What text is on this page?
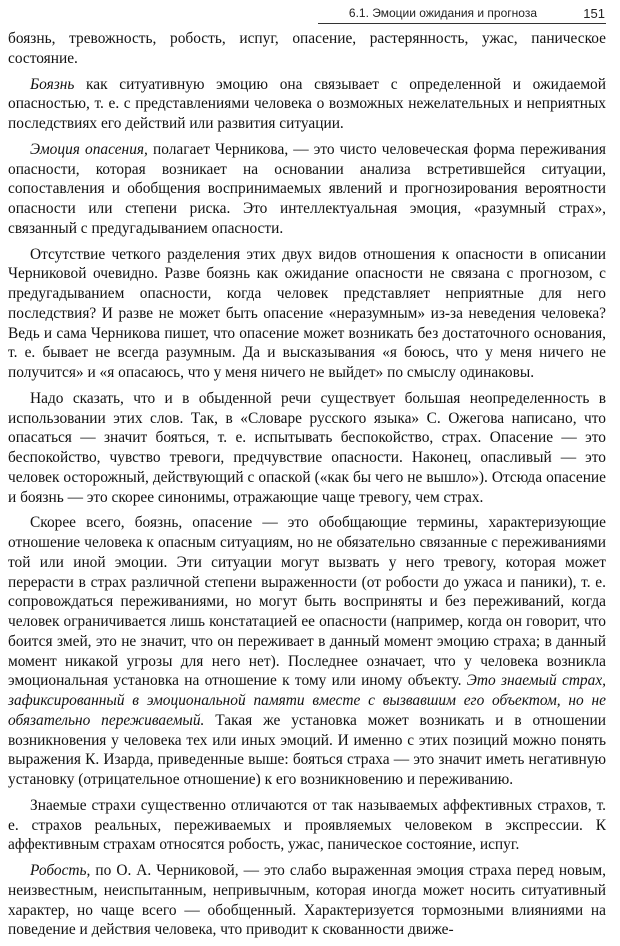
6.1. Эмоции ожидания и прогноза	151

боязнь, тревожность, робость, испуг, опасение, растерянность, ужас, паническое состояние.

Боязнь как ситуативную эмоцию она связывает с определенной и ожидаемой опасностью, т. е. с представлениями человека о возможных нежелательных и неприятных последствиях его действий или развития ситуации.

Эмоция опасения, полагает Черникова, — это чисто человеческая форма переживания опасности, которая возникает на основании анализа встретившейся ситуации, сопоставления и обобщения воспринимаемых явлений и прогнозирования вероятности опасности или степени риска. Это интеллектуальная эмоция, «разумный страх», связанный с предугадыванием опасности.

Отсутствие четкого разделения этих двух видов отношения к опасности в описании Черниковой очевидно. Разве боязнь как ожидание опасности не связана с прогнозом, с предугадыванием опасности, когда человек представляет неприятные для него последствия? И разве не может быть опасение «неразумным» из-за неведения человека? Ведь и сама Черникова пишет, что опасение может возникать без достаточного основания, т. е. бывает не всегда разумным. Да и высказывания «я боюсь, что у меня ничего не получится» и «я опасаюсь, что у меня ничего не выйдет» по смыслу одинаковы.

Надо сказать, что и в обыденной речи существует большая неопределенность в использовании этих слов. Так, в «Словаре русского языка» С. Ожегова написано, что опасаться — значит бояться, т. е. испытывать беспокойство, страх. Опасение — это беспокойство, чувство тревоги, предчувствие опасности. Наконец, опасливый — это человек осторожный, действующий с опаской («как бы чего не вышло»). Отсюда опасение и боязнь — это скорее синонимы, отражающие чаще тревогу, чем страх.

Скорее всего, боязнь, опасение — это обобщающие термины, характеризующие отношение человека к опасным ситуациям, но не обязательно связанные с переживаниями той или иной эмоции. Эти ситуации могут вызвать у него тревогу, которая может перерасти в страх различной степени выраженности (от робости до ужаса и паники), т. е. сопровождаться переживаниями, но могут быть восприняты и без переживаний, когда человек ограничивается лишь констатацией ее опасности (например, когда он говорит, что боится змей, это не значит, что он переживает в данный момент эмоцию страха; в данный момент никакой угрозы для него нет). Последнее означает, что у человека возникла эмоциональная установка на отношение к тому или иному объекту. Это знаемый страх, зафиксированный в эмоциональной памяти вместе с вызвавшим его объектом, но не обязательно переживаемый. Такая же установка может возникать и в отношении возникновения у человека тех или иных эмоций. И именно с этих позиций можно понять выражения К. Изарда, приведенные выше: бояться страха — это значит иметь негативную установку (отрицательное отношение) к его возникновению и переживанию.

Знаемые страхи существенно отличаются от так называемых аффективных страхов, т. е. страхов реальных, переживаемых и проявляемых человеком в экспрессии. К аффективным страхам относятся робость, ужас, паническое состояние, испуг.

Робость, по О. А. Черниковой, — это слабо выраженная эмоция страха перед новым, неизвестным, неиспытанным, непривычным, которая иногда может носить ситуативный характер, но чаще всего — обобщенный. Характеризуется тормозными влияниями на поведение и действия человека, что приводит к скованности движе-
